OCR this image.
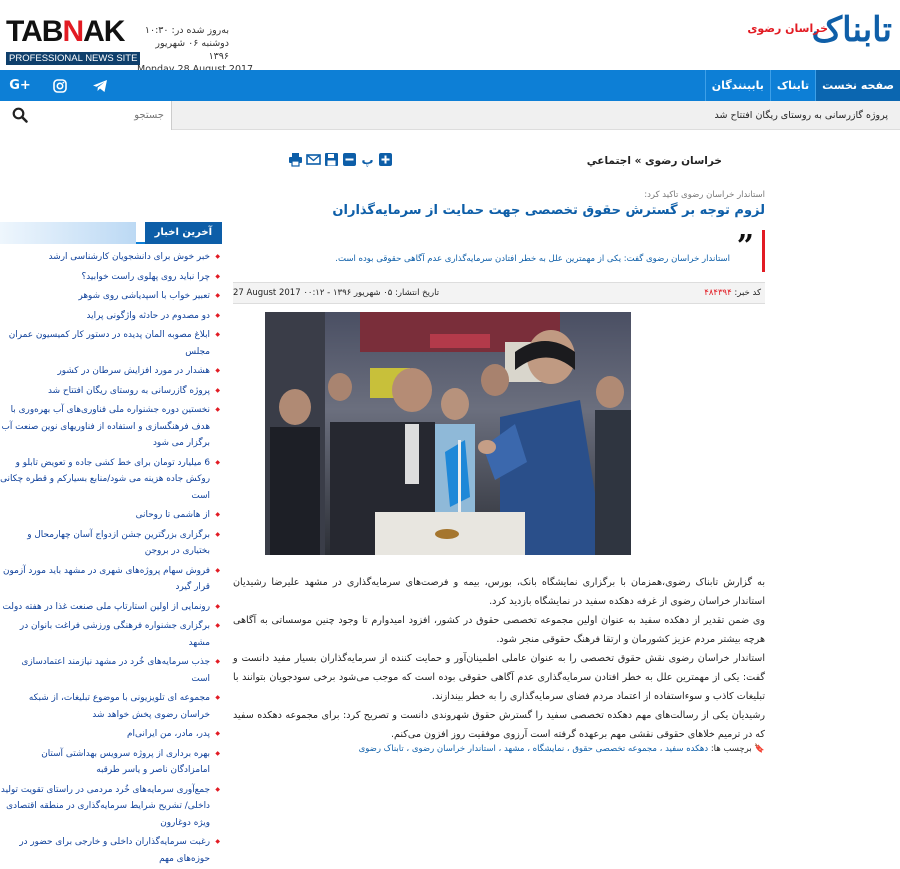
TABNAK
PROFESSIONAL NEWS SITE
بەروز شده در: ۱۰:۳۰
دوشنبه ۰۶ شهریور ۱۳۹۶
تابناک
خراسان رضوی
صفحه نخست
تابناک
باببنندگان
G+
پروژه گازرسانی به روستای ریگان افتتاح شد
جستجو
خراسان رضوی » اجتماعي
پ
استاندار خراسان رضوی تاکید کرد:
لزوم توجه بر گسترش حقوق تخصصی جهت حمایت از سرمایه‌گذاران
”
استاندار خراسان رضوی گفت: یکی از مهمترین علل به خطر افتادن سرمایه‌گذاری عدم آگاهی حقوقی بوده است.
کد خبر: ۴۸۴۳۹۴
تاریخ انتشار: ۰۵ شهریور ۱۳۹۶ - ۰۰:۱۲ 27 August 2017

به گزارش تابناک رضوی،همزمان با برگزاری نمایشگاه بانک، بورس، بیمه و فرصت‌های سرمایه‌گذاری در مشهد علیرضا رشیدیان استاندار خراسان رضوی از غرفه دهکده سفید در نمایشگاه بازدید کرد.

وی ضمن تقدیر از دهکده سفید به عنوان اولین مجموعه تخصصی حقوق در کشور، افزود امیدوارم تا وجود چنین موسساتی به آگاهی هرچه بیشتر مردم عزیز کشورمان و ارتقا فرهنگ حقوقی منجر شود.

استاندار خراسان رضوی نقش حقوق تخصصی را به عنوان عاملی اطمینان‌آور و حمایت کننده از سرمایه‌گذاران بسیار مفید دانست و گفت: یکی از مهمترین علل به خطر افتادن سرمایه‌گذاری عدم آگاهی حقوقی بوده است که موجب می‌شود برخی سودجویان بتوانند با تبلیغات کاذب و سوءاستفاده از اعتماد مردم فضای سرمایه‌گذاری را به خطر بیندازند.

رشیدیان یکی از رسالت‌های مهم دهکده تخصصی سفید را گسترش حقوق شهروندی دانست و تصریح کرد: برای مجموعه دهکده سفید که در ترمیم خلاهای حقوقی نقشی مهم برعهده گرفته است آرزوی موفقیت روز افزون می‌کنم.

🔖 برچسب ها: دهکده سفید ، مجموعه تخصصی حقوق ، نمایشگاه ، مشهد ، استاندار خراسان رضوی ، تابناک رضوی
آخرین اخبار
◆ خبر خوش برای دانشجویان کارشناسی ارشد
◆ چرا نباید روی پهلوی راست خوابید؟
◆ تعبیر خواب با اسپدیاشی روی شوهر
◆ دو مصدوم در حادثه واژگونی پراید
◆ ابلاغ مصوبه المان پدیده در دستور کار کمیسیون عمران مجلس
◆ هشدار در مورد افزایش سرطان در کشور
◆ پروژه گازرسانی به روستای ریگان افتتاح شد
◆ نخستین دوره جشنواره ملی فناوری‌های آب بهره‌وری با هدف فرهنگسازی و استفاده از فناوریهای نوین صنعت آب برگزار می شود
◆ 6 میلیارد تومان برای خط کشی جاده و تعویض تابلو و روکش جاده هزینه می شود/منابع بسیارکم و قطره چکانی است
◆ از هاشمی تا روحانی
◆ برگزاری بزرگترین جشن ازدواج آسان چهارمحال و بختیاری در بروجن
◆ فروش سهام پروژه‌های شهری در مشهد باید مورد آزمون قرار گیرد
◆ رونمایی از اولین استارتاپ ملی صنعت غذا در هفته دولت
◆ برگزاری جشنواره فرهنگی ورزشی فراغت بانوان در مشهد
◆ جذب سرمایه‌های خُرد در مشهد نیازمند اعتمادسازی است
◆ مجموعه ای تلویزیونی با موضوع تبلیغات، از شبکه خراسان رضوی پخش خواهد شد
◆ پدر، مادر، من ایرانی‌ام
◆ بهره برداری از پروژه سرویس بهداشتی آستان امامزادگان ناصر و یاسر طرقبه
◆ جمع‌آوری سرمایه‌های خُرد مردمی در راستای تقویت تولید داخلی/ تشریح شرایط سرمایه‌گذاری در منطقه اقتصادی ویژه دوغارون
◆ رغبت سرمایه‌گذاران داخلی و خارجی برای حضور در حوزه‌های مهم
